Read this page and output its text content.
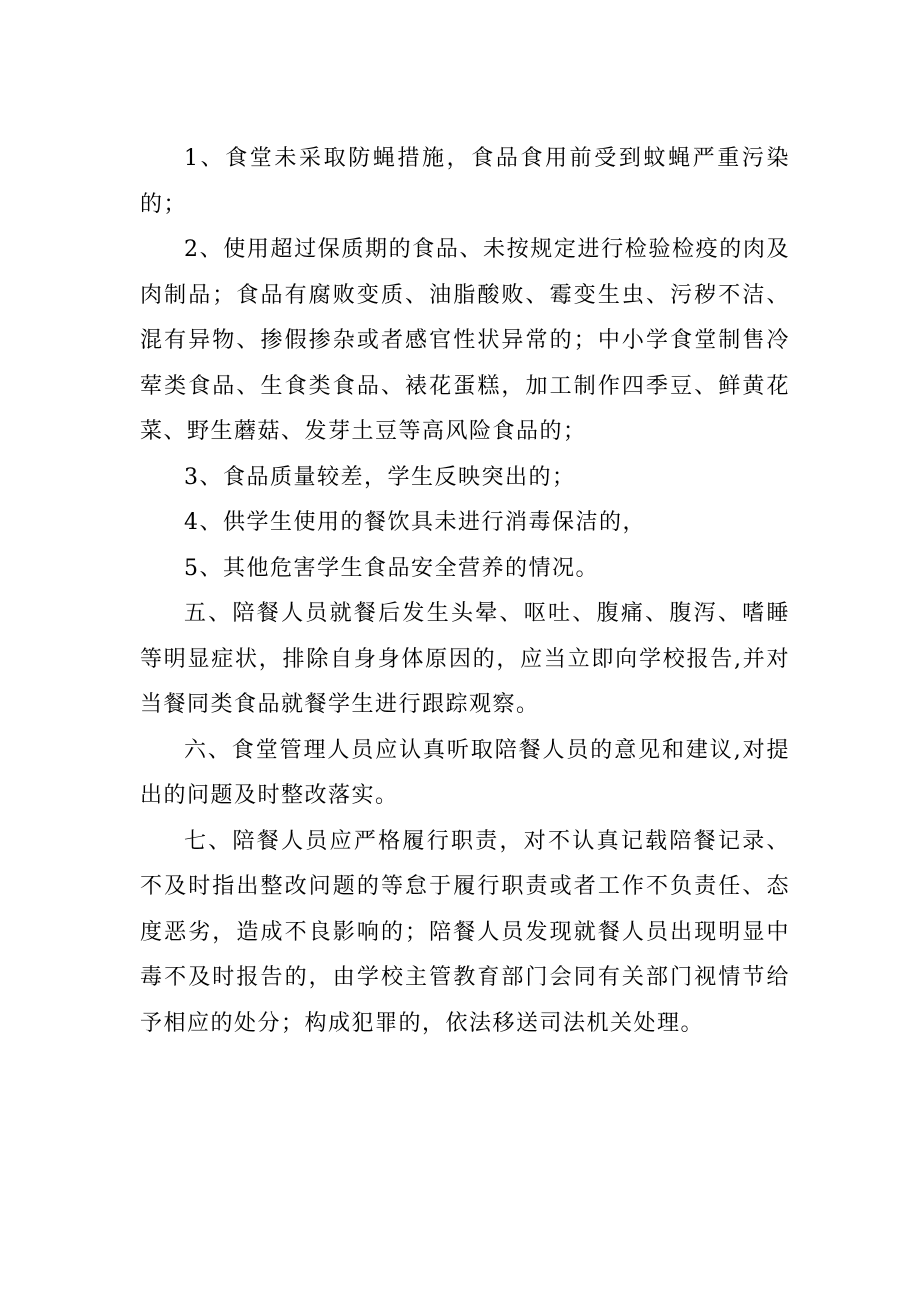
1、食堂未采取防蝇措施，食品食用前受到蚊蝇严重污染的；

2、使用超过保质期的食品、未按规定进行检验检疫的肉及肉制品；食品有腐败变质、油脂酸败、霉变生虫、污秽不洁、混有异物、掺假掺杂或者感官性状异常的；中小学食堂制售冷荤类食品、生食类食品、裱花蛋糕，加工制作四季豆、鲜黄花菜、野生蘑菇、发芽土豆等高风险食品的；

3、食品质量较差，学生反映突出的；

4、供学生使用的餐饮具未进行消毒保洁的，

5、其他危害学生食品安全营养的情况。

五、陪餐人员就餐后发生头晕、呕吐、腹痛、腹泻、嗜睡等明显症状，排除自身身体原因的，应当立即向学校报告,并对当餐同类食品就餐学生进行跟踪观察。

六、食堂管理人员应认真听取陪餐人员的意见和建议,对提出的问题及时整改落实。

七、陪餐人员应严格履行职责，对不认真记载陪餐记录、不及时指出整改问题的等怠于履行职责或者工作不负责任、态度恶劣，造成不良影响的；陪餐人员发现就餐人员出现明显中毒不及时报告的，由学校主管教育部门会同有关部门视情节给予相应的处分；构成犯罪的，依法移送司法机关处理。
